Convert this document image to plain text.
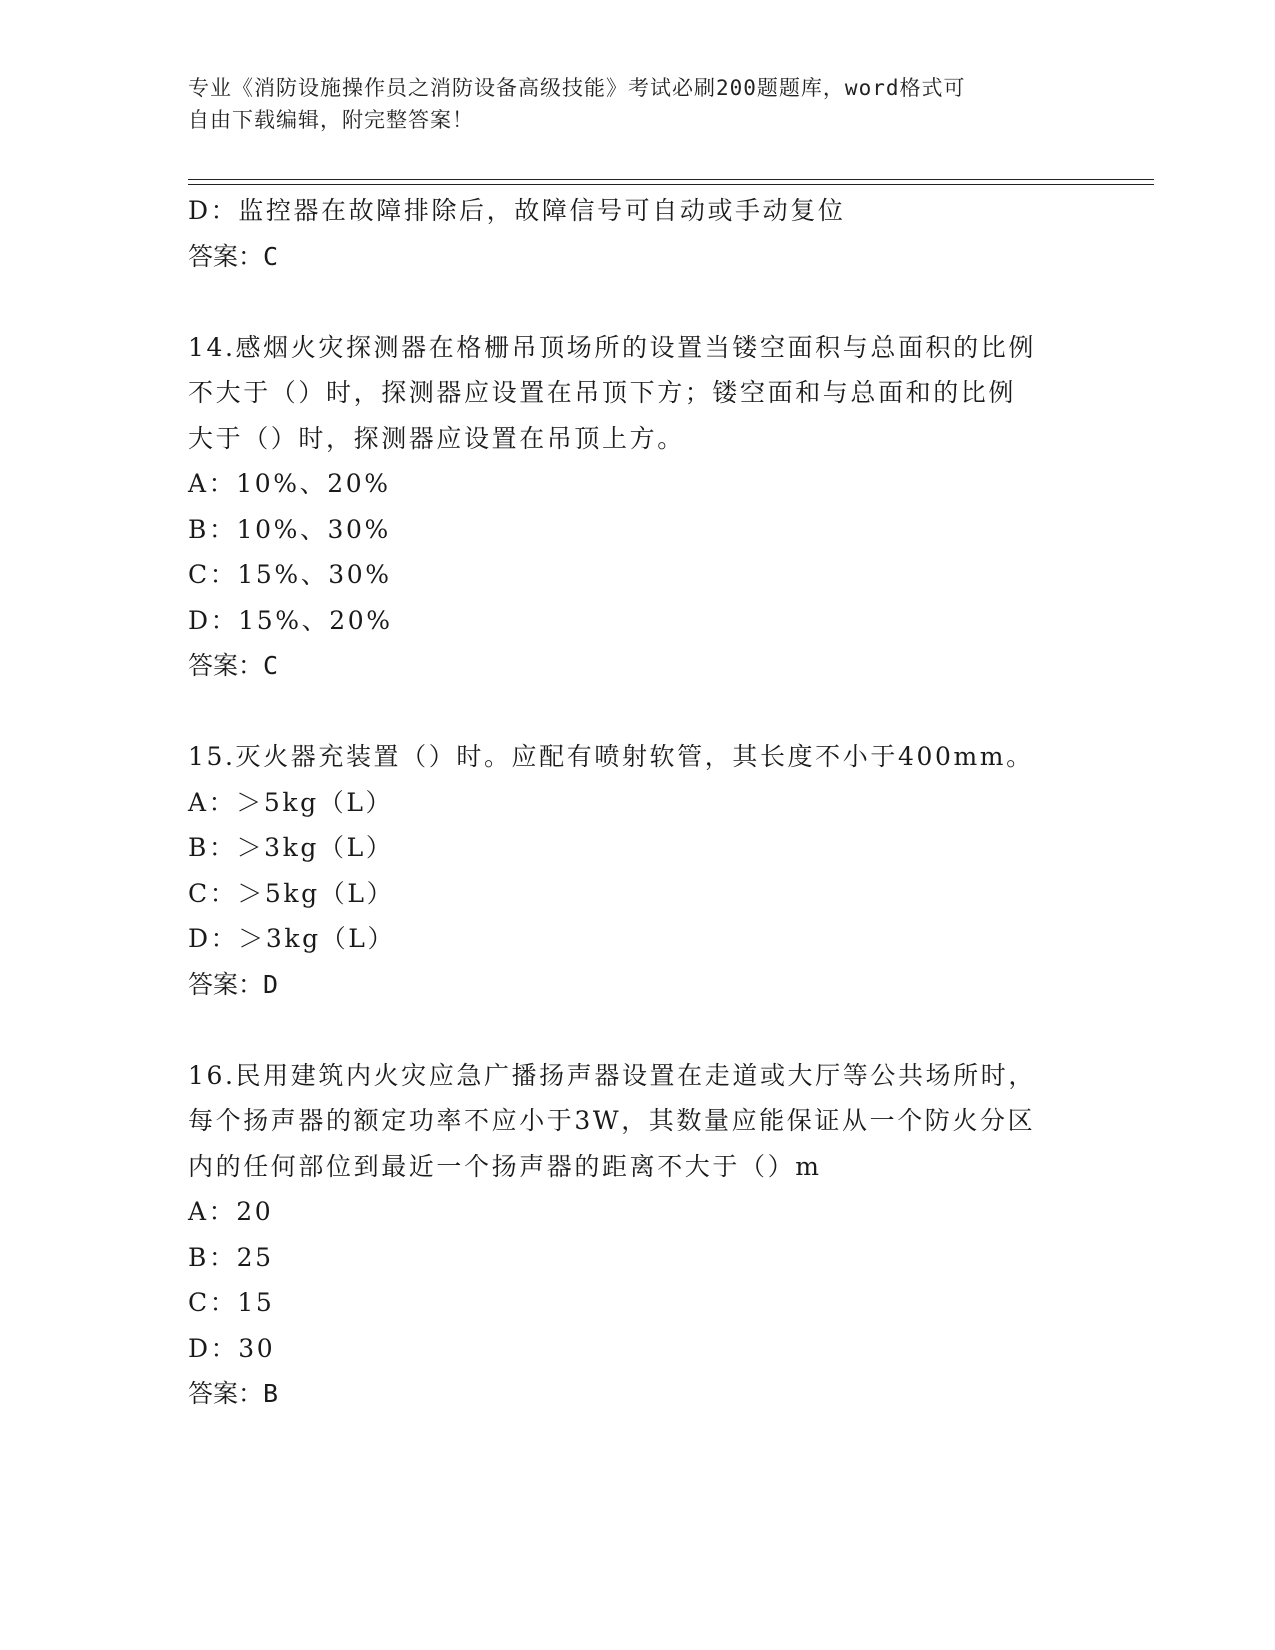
专业《消防设施操作员之消防设备高级技能》考试必刷200题题库，word格式可
自由下载编辑，附完整答案！
D：监控器在故障排除后，故障信号可自动或手动复位
答案：C
14.感烟火灾探测器在格栅吊顶场所的设置当镂空面积与总面积的比例
不大于（）时，探测器应设置在吊顶下方；镂空面和与总面和的比例
大于（）时，探测器应设置在吊顶上方。
A：10%、20%
B：10%、30%
C：15%、30%
D：15%、20%
答案：C
15.灭火器充装置（）时。应配有喷射软管，其长度不小于400mm。
A：＞5kg（L）
B：＞3kg（L）
C：＞5kg（L）
D：＞3kg（L）
答案：D
16.民用建筑内火灾应急广播扬声器设置在走道或大厅等公共场所时，
每个扬声器的额定功率不应小于3W，其数量应能保证从一个防火分区
内的任何部位到最近一个扬声器的距离不大于（）m
A：20
B：25
C：15
D：30
答案：B
